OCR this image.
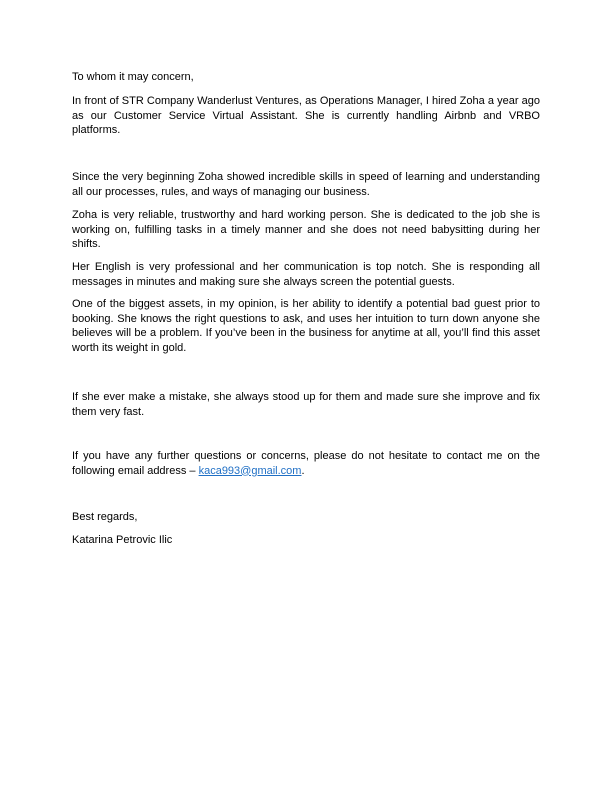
To whom it may concern,

In front of STR Company Wanderlust Ventures, as Operations Manager, I hired Zoha a year ago as our Customer Service Virtual Assistant. She is currently handling Airbnb and VRBO platforms.

Since the very beginning Zoha showed incredible skills in speed of learning and understanding all our processes, rules, and ways of managing our business.

Zoha is very reliable, trustworthy and hard working person. She is dedicated to the job she is working on, fulfilling tasks in a timely manner and she does not need babysitting during her shifts.

Her English is very professional and her communication is top notch. She is responding all messages in minutes and making sure she always screen the potential guests.

One of the biggest assets, in my opinion, is her ability to identify a potential bad guest prior to booking. She knows the right questions to ask, and uses her intuition to turn down anyone she believes will be a problem. If you’ve been in the business for anytime at all, you’ll find this asset worth its weight in gold.

If she ever make a mistake, she always stood up for them and made sure she improve and fix them very fast.

If you have any further questions or concerns, please do not hesitate to contact me on the following email address – kaca993@gmail.com.

Best regards,

Katarina Petrovic Ilic
